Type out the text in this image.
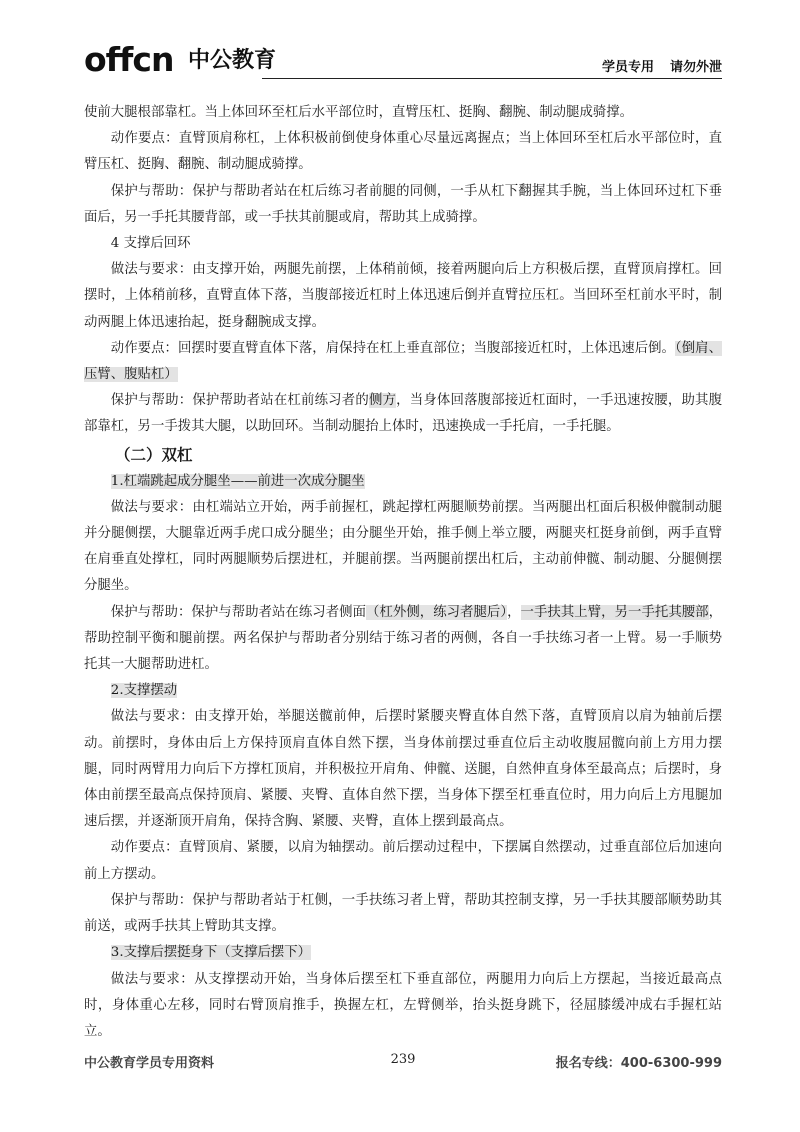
offcn 中公教育	学员专用 请勿外泄

使前大腿根部靠杠。当上体回环至杠后水平部位时，直臂压杠、挺胸、翻腕、制动腿成骑撑。

动作要点：直臂顶肩称杠，上体积极前倒使身体重心尽量远离握点；当上体回环至杠后水平部位时，直臂压杠、挺胸、翻腕、制动腿成骑撑。

保护与帮助：保护与帮助者站在杠后练习者前腿的同侧，一手从杠下翻握其手腕，当上体回环过杠下垂面后，另一手托其腰背部，或一手扶其前腿或肩，帮助其上成骑撑。

4 支撑后回环

做法与要求：由支撑开始，两腿先前摆，上体稍前倾，接着两腿向后上方积极后摆，直臂顶肩撑杠。回摆时，上体稍前移，直臂直体下落，当腹部接近杠时上体迅速后倒并直臂拉压杠。当回环至杠前水平时，制动两腿上体迅速抬起，挺身翻腕成支撑。

动作要点：回摆时要直臂直体下落，肩保持在杠上垂直部位；当腹部接近杠时，上体迅速后倒。（倒肩、压臂、腹贴杠）

保护与帮助：保护帮助者站在杠前练习者的侧方，当身体回落腹部接近杠面时，一手迅速按腰，助其腹部靠杠，另一手拨其大腿，以助回环。当制动腿抬上体时，迅速换成一手托肩，一手托腿。

（二）双杠

1.杠端跳起成分腿坐——前进一次成分腿坐

做法与要求：由杠端站立开始，两手前握杠，跳起撑杠两腿顺势前摆。当两腿出杠面后积极伸髋制动腿并分腿侧摆，大腿靠近两手虎口成分腿坐；由分腿坐开始，推手侧上举立腰，两腿夹杠挺身前倒，两手直臂在肩垂直处撑杠，同时两腿顺势后摆进杠，并腿前摆。当两腿前摆出杠后，主动前伸髋、制动腿、分腿侧摆分腿坐。

保护与帮助：保护与帮助者站在练习者侧面（杠外侧，练习者腿后），一手扶其上臂，另一手托其腰部，帮助控制平衡和腿前摆。两名保护与帮助者分别结于练习者的两侧，各自一手扶练习者一上臂。易一手顺势托其一大腿帮助进杠。

2.支撑摆动

做法与要求：由支撑开始，举腿送髋前伸，后摆时紧腰夹臀直体自然下落，直臂顶肩以肩为轴前后摆动。前摆时，身体由后上方保持顶肩直体自然下摆，当身体前摆过垂直位后主动收腹屈髋向前上方用力摆腿，同时两臂用力向后下方撑杠顶肩，并积极拉开肩角、伸髋、送腿，自然伸直身体至最高点；后摆时，身体由前摆至最高点保持顶肩、紧腰、夹臀、直体自然下摆，当身体下摆至杠垂直位时，用力向后上方甩腿加速后摆，并逐渐顶开肩角，保持含胸、紧腰、夹臀，直体上摆到最高点。

动作要点：直臂顶肩、紧腰，以肩为轴摆动。前后摆动过程中，下摆属自然摆动，过垂直部位后加速向前上方摆动。

保护与帮助：保护与帮助者站于杠侧，一手扶练习者上臂，帮助其控制支撑，另一手扶其腰部顺势助其前送，或两手扶其上臂助其支撑。

3.支撑后摆挺身下（支撑后摆下）

做法与要求：从支撑摆动开始，当身体后摆至杠下垂直部位，两腿用力向后上方摆起，当接近最高点时，身体重心左移，同时右臂顶肩推手，换握左杠，左臂侧举，抬头挺身跳下，径屈膝缓冲成右手握杠站立。

中公教育学员专用资料	239	报名专线：400-6300-999
